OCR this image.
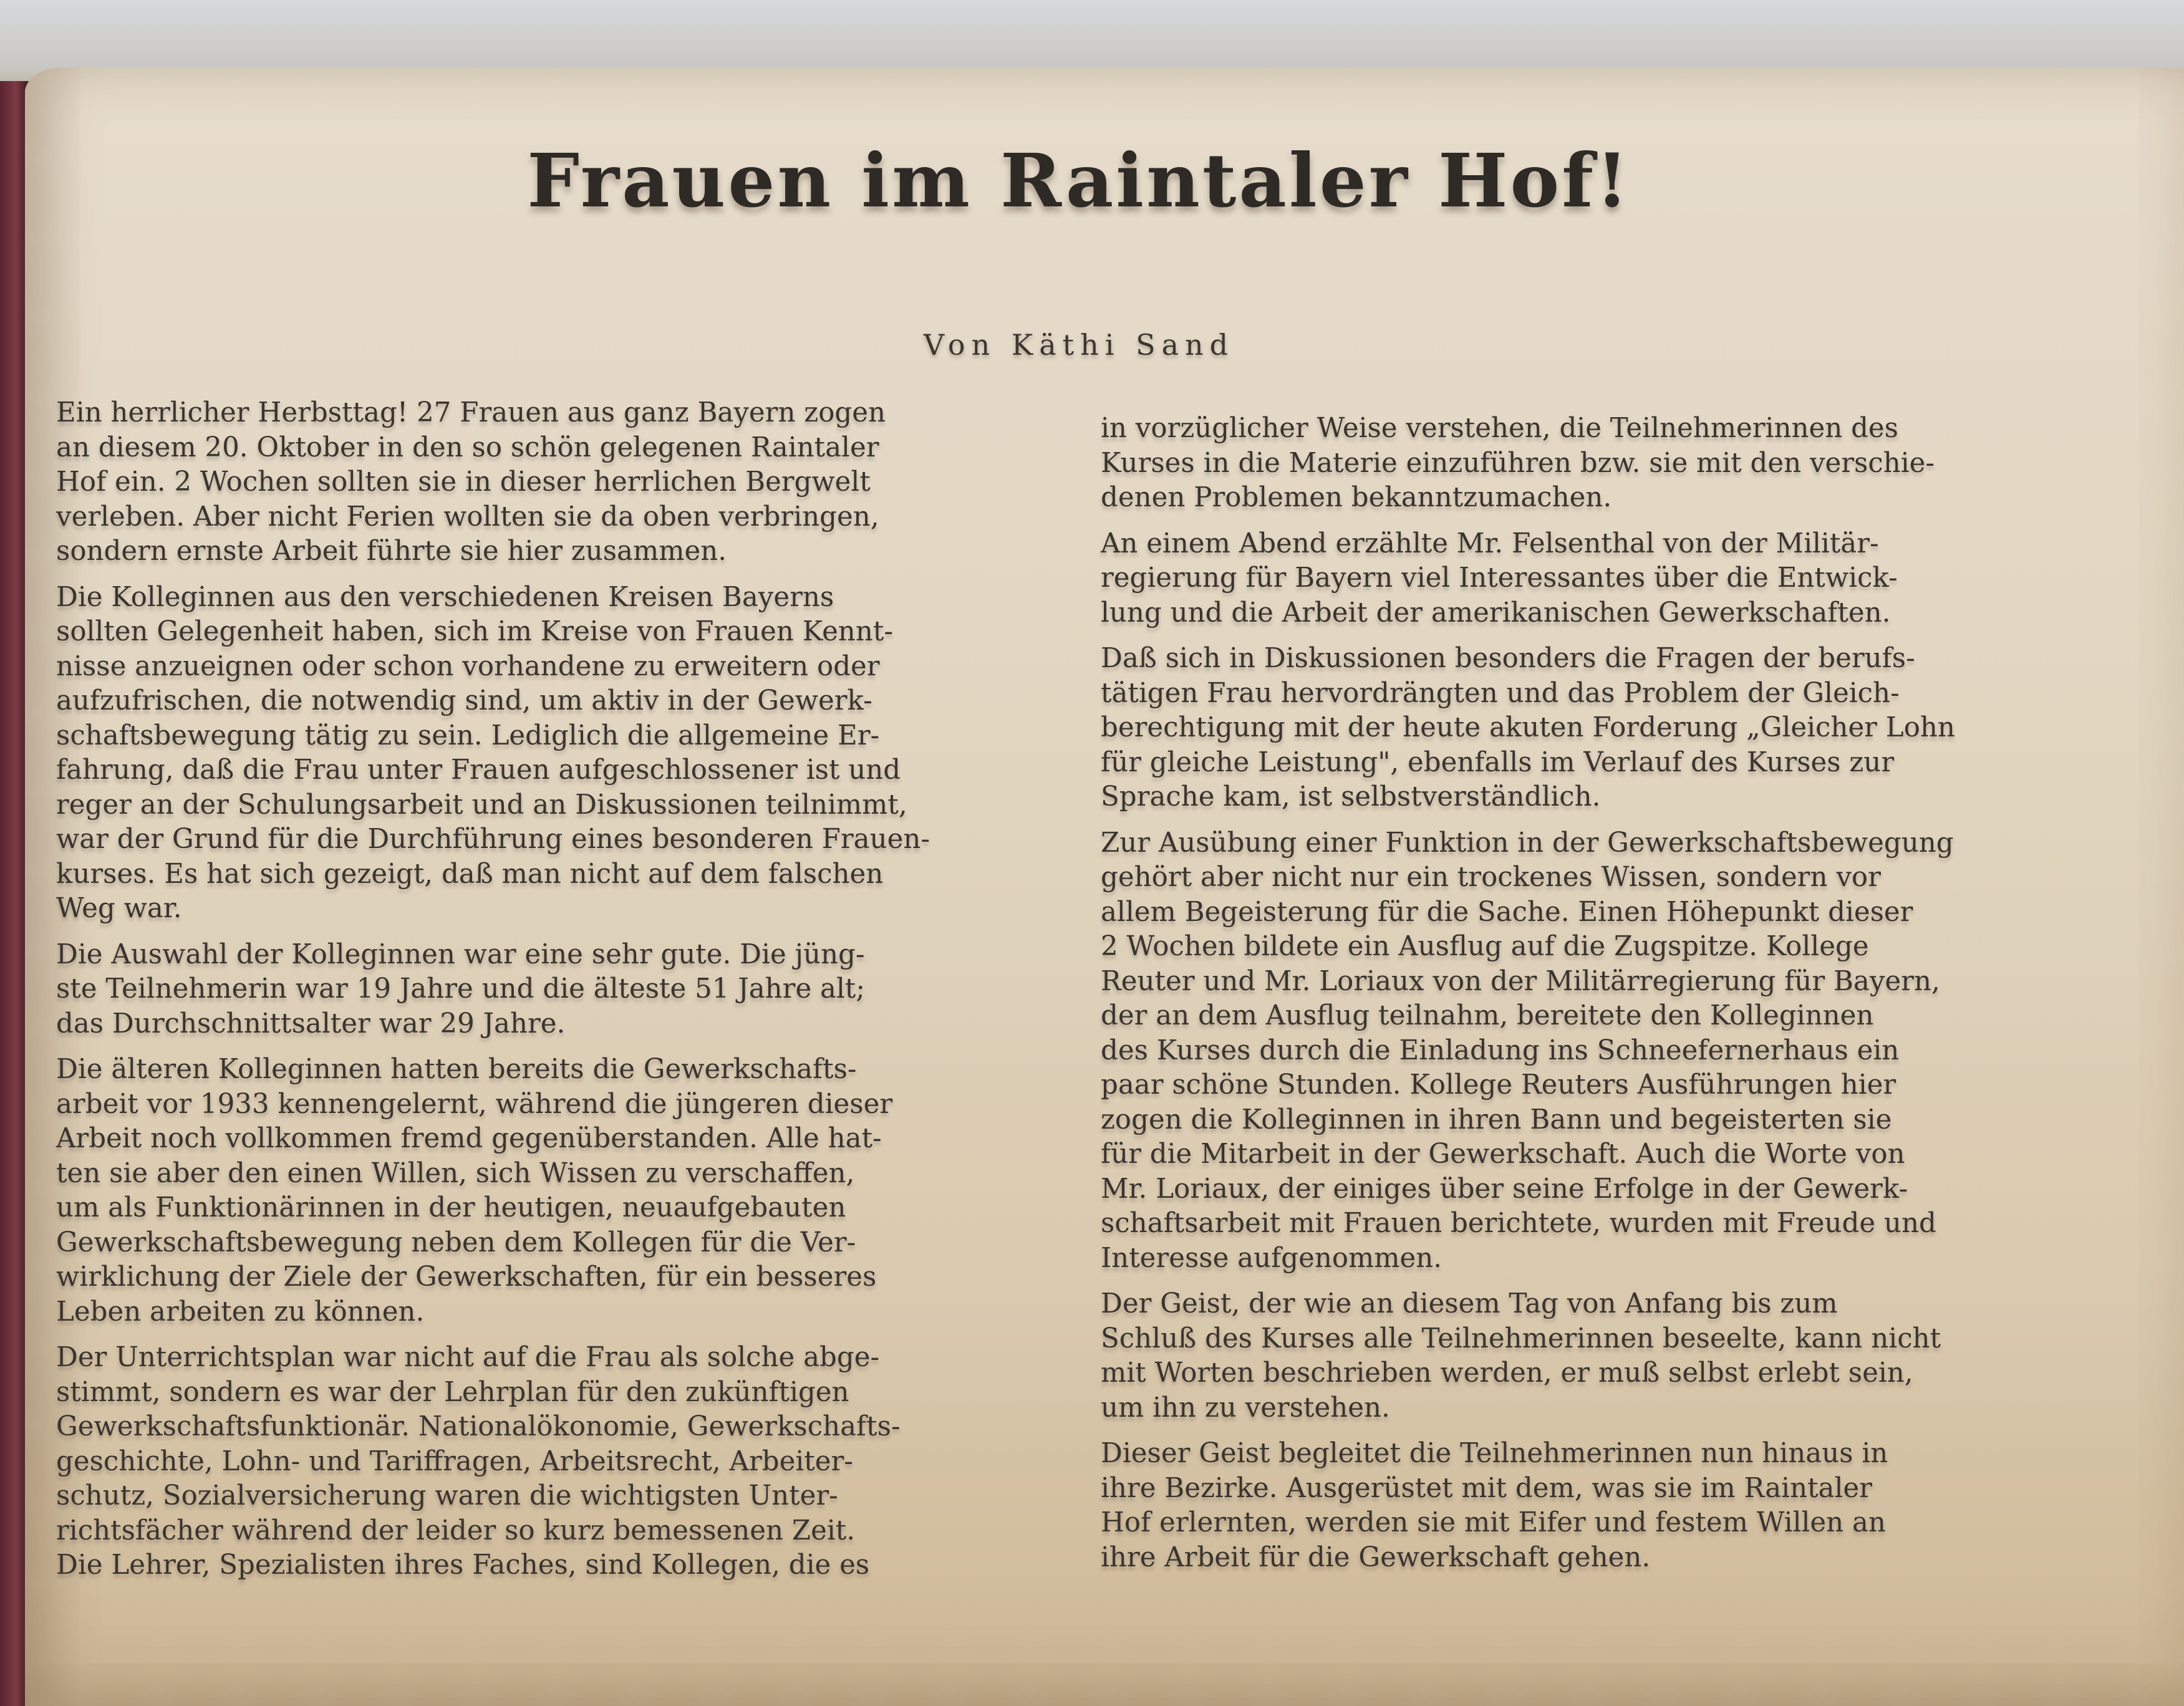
Frauen im Raintaler Hof!

Von Käthi Sand

Ein herrlicher Herbsttag! 27 Frauen aus ganz Bayern zogen
an diesem 20. Oktober in den so schön gelegenen Raintaler
Hof ein. 2 Wochen sollten sie in dieser herrlichen Bergwelt
verleben. Aber nicht Ferien wollten sie da oben verbringen,
sondern ernste Arbeit führte sie hier zusammen.

Die Kolleginnen aus den verschiedenen Kreisen Bayerns
sollten Gelegenheit haben, sich im Kreise von Frauen Kennt-
nisse anzueignen oder schon vorhandene zu erweitern oder
aufzufrischen, die notwendig sind, um aktiv in der Gewerk-
schaftsbewegung tätig zu sein. Lediglich die allgemeine Er-
fahrung, daß die Frau unter Frauen aufgeschlossener ist und
reger an der Schulungsarbeit und an Diskussionen teilnimmt,
war der Grund für die Durchführung eines besonderen Frauen-
kurses. Es hat sich gezeigt, daß man nicht auf dem falschen
Weg war.

Die Auswahl der Kolleginnen war eine sehr gute. Die jüng-
ste Teilnehmerin war 19 Jahre und die älteste 51 Jahre alt;
das Durchschnittsalter war 29 Jahre.

Die älteren Kolleginnen hatten bereits die Gewerkschafts-
arbeit vor 1933 kennengelernt, während die jüngeren dieser
Arbeit noch vollkommen fremd gegenüberstanden. Alle hat-
ten sie aber den einen Willen, sich Wissen zu verschaffen,
um als Funktionärinnen in der heutigen, neuaufgebauten
Gewerkschaftsbewegung neben dem Kollegen für die Ver-
wirklichung der Ziele der Gewerkschaften, für ein besseres
Leben arbeiten zu können.

Der Unterrichtsplan war nicht auf die Frau als solche abge-
stimmt, sondern es war der Lehrplan für den zukünftigen
Gewerkschaftsfunktionär. Nationalökonomie, Gewerkschafts-
geschichte, Lohn- und Tariffragen, Arbeitsrecht, Arbeiter-
schutz, Sozialversicherung waren die wichtigsten Unter-
richtsfächer während der leider so kurz bemessenen Zeit.
Die Lehrer, Spezialisten ihres Faches, sind Kollegen, die es

in vorzüglicher Weise verstehen, die Teilnehmerinnen des
Kurses in die Materie einzuführen bzw. sie mit den verschie-
denen Problemen bekanntzumachen.

An einem Abend erzählte Mr. Felsenthal von der Militär-
regierung für Bayern viel Interessantes über die Entwick-
lung und die Arbeit der amerikanischen Gewerkschaften.

Daß sich in Diskussionen besonders die Fragen der berufs-
tätigen Frau hervordrängten und das Problem der Gleich-
berechtigung mit der heute akuten Forderung „Gleicher Lohn
für gleiche Leistung", ebenfalls im Verlauf des Kurses zur
Sprache kam, ist selbstverständlich.

Zur Ausübung einer Funktion in der Gewerkschaftsbewegung
gehört aber nicht nur ein trockenes Wissen, sondern vor
allem Begeisterung für die Sache. Einen Höhepunkt dieser
2 Wochen bildete ein Ausflug auf die Zugspitze. Kollege
Reuter und Mr. Loriaux von der Militärregierung für Bayern,
der an dem Ausflug teilnahm, bereitete den Kolleginnen
des Kurses durch die Einladung ins Schneefernerhaus ein
paar schöne Stunden. Kollege Reuters Ausführungen hier
zogen die Kolleginnen in ihren Bann und begeisterten sie
für die Mitarbeit in der Gewerkschaft. Auch die Worte von
Mr. Loriaux, der einiges über seine Erfolge in der Gewerk-
schaftsarbeit mit Frauen berichtete, wurden mit Freude und
Interesse aufgenommen.

Der Geist, der wie an diesem Tag von Anfang bis zum
Schluß des Kurses alle Teilnehmerinnen beseelte, kann nicht
mit Worten beschrieben werden, er muß selbst erlebt sein,
um ihn zu verstehen.

Dieser Geist begleitet die Teilnehmerinnen nun hinaus in
ihre Bezirke. Ausgerüstet mit dem, was sie im Raintaler
Hof erlernten, werden sie mit Eifer und festem Willen an
ihre Arbeit für die Gewerkschaft gehen.
